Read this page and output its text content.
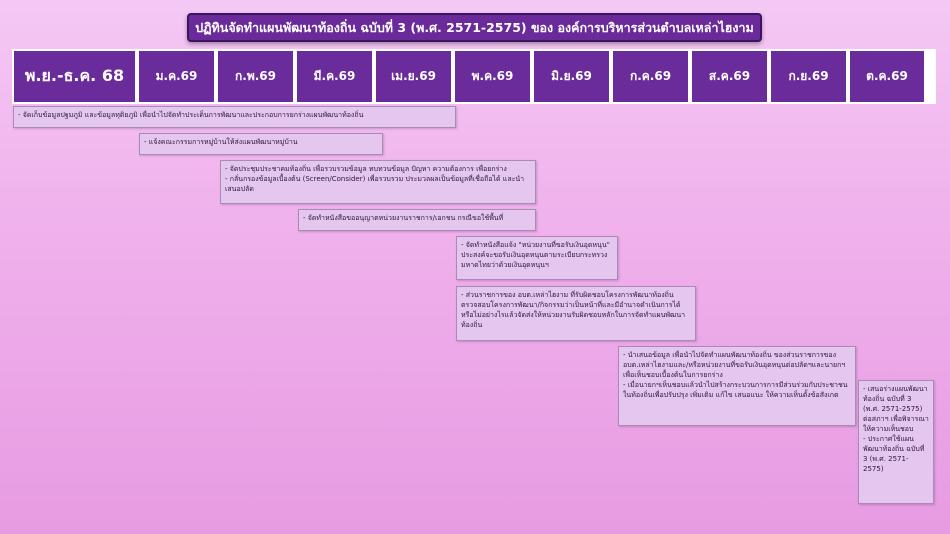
ปฏิทินจัดทำแผนพัฒนาท้องถิ่น ฉบับที่ 3 (พ.ศ. 2571-2575) ของ องค์การบริหารส่วนตำบลเหล่าไฮงาม
พ.ย.-ธ.ค. 68	ม.ค.69	ก.พ.69	มี.ค.69	เม.ย.69	พ.ค.69	มิ.ย.69	ก.ค.69	ส.ค.69	ก.ย.69	ต.ค.69
- จัดเก็บข้อมูลปฐมภูมิ และข้อมูลทุติยภูมิ เพื่อนำไปจัดทำประเด็นการพัฒนาและประกอบการยกร่างแผนพัฒนาท้องถิ่น
- แจ้งคณะกรรมการหมู่บ้านให้ส่งแผนพัฒนาหมู่บ้าน
- จัดประชุมประชาคมท้องถิ่น เพื่อรวบรวมข้อมูล ทบทวนข้อมูล ปัญหา ความต้องการ เพื่อยกร่าง
- กลั่นกรองข้อมูลเบื้องต้น (Screen/Consider) เพื่อรวบรวม ประมวลผลเป็นข้อมูลที่เชื่อถือได้ และนำเสนอปลัด
- จัดทำหนังสือขออนุญาตหน่วยงานราชการ/เอกชน กรณีขอใช้พื้นที่
- จัดทำหนังสือแจ้ง "หน่วยงานที่ขอรับเงินอุดหนุน" ประสงค์จะขอรับเงินอุดหนุนตามระเบียบกระทรวงมหาดไทยว่าด้วยเงินอุดหนุนฯ
- ส่วนราชการของ อบต.เหล่าไฮงาม ที่รับผิดชอบโครงการพัฒนาท้องถิ่น ตรวจสอบโครงการพัฒนา/กิจกรรมว่าเป็นหน้าที่และมีอำนาจดำเนินการได้หรือไม่อย่างไรแล้วจัดส่งให้หน่วยงานรับผิดชอบหลักในการจัดทำแผนพัฒนาท้องถิ่น
- นำเสนอข้อมูล เพื่อนำไปจัดทำแผนพัฒนาท้องถิ่น ของส่วนราชการของ อบต.เหล่าไฮงามและ/หรือหน่วยงานที่ขอรับเงินอุดหนุนต่อปลัดฯและนายกฯเพื่อเห็นชอบเบื้องต้นในการยกร่าง
- เมื่อนายกฯเห็นชอบแล้วนำไปสร้างกระบวนการการมีส่วนร่วมกับประชาชนในท้องถิ่นเพื่อปรับปรุง เพิ่มเติม แก้ไข เสนอแนะ ให้ความเห็นตั้งข้อสังเกต
- เสนอร่างแผนพัฒนาท้องถิ่น ฉบับที่ 3 (พ.ศ. 2571-2575) ต่อสภาฯ เพื่อพิจารณาให้ความเห็นชอบ
- ประกาศใช้แผนพัฒนาท้องถิ่น ฉบับที่ 3 (พ.ศ. 2571-2575)
